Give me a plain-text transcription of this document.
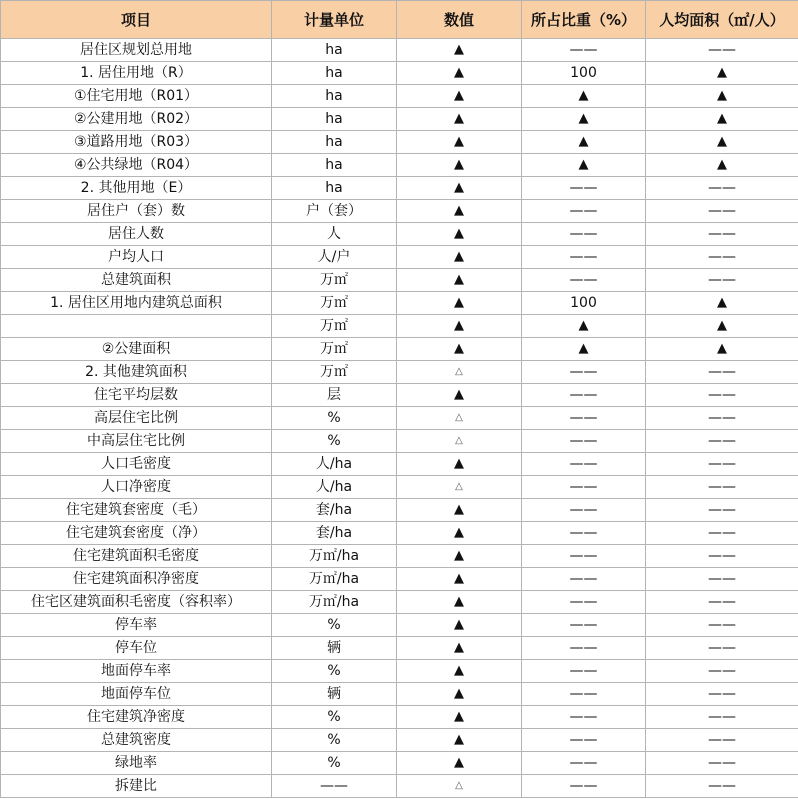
项目	计量单位	数值	所占比重（%）	人均面积（㎡/人）
居住区规划总用地	ha	▲	——	——
1. 居住用地（R）	ha	▲	100	▲
①住宅用地（R01）	ha	▲	▲	▲
②公建用地（R02）	ha	▲	▲	▲
③道路用地（R03）	ha	▲	▲	▲
④公共绿地（R04）	ha	▲	▲	▲
2. 其他用地（E）	ha	▲	——	——
居住户（套）数	户（套）	▲	——	——
居住人数	人	▲	——	——
户均人口	人/户	▲	——	——
总建筑面积	万㎡	▲	——	——
1. 居住区用地内建筑总面积	万㎡	▲	100	▲
	万㎡	▲	▲	▲
②公建面积	万㎡	▲	▲	▲
2. 其他建筑面积	万㎡	△	——	——
住宅平均层数	层	▲	——	——
高层住宅比例	%	△	——	——
中高层住宅比例	%	△	——	——
人口毛密度	人/ha	▲	——	——
人口净密度	人/ha	△	——	——
住宅建筑套密度（毛）	套/ha	▲	——	——
住宅建筑套密度（净）	套/ha	▲	——	——
住宅建筑面积毛密度	万㎡/ha	▲	——	——
住宅建筑面积净密度	万㎡/ha	▲	——	——
住宅区建筑面积毛密度（容积率）	万㎡/ha	▲	——	——
停车率	%	▲	——	——
停车位	辆	▲	——	——
地面停车率	%	▲	——	——
地面停车位	辆	▲	——	——
住宅建筑净密度	%	▲	——	——
总建筑密度	%	▲	——	——
绿地率	%	▲	——	——
拆建比	——	△	——	——
